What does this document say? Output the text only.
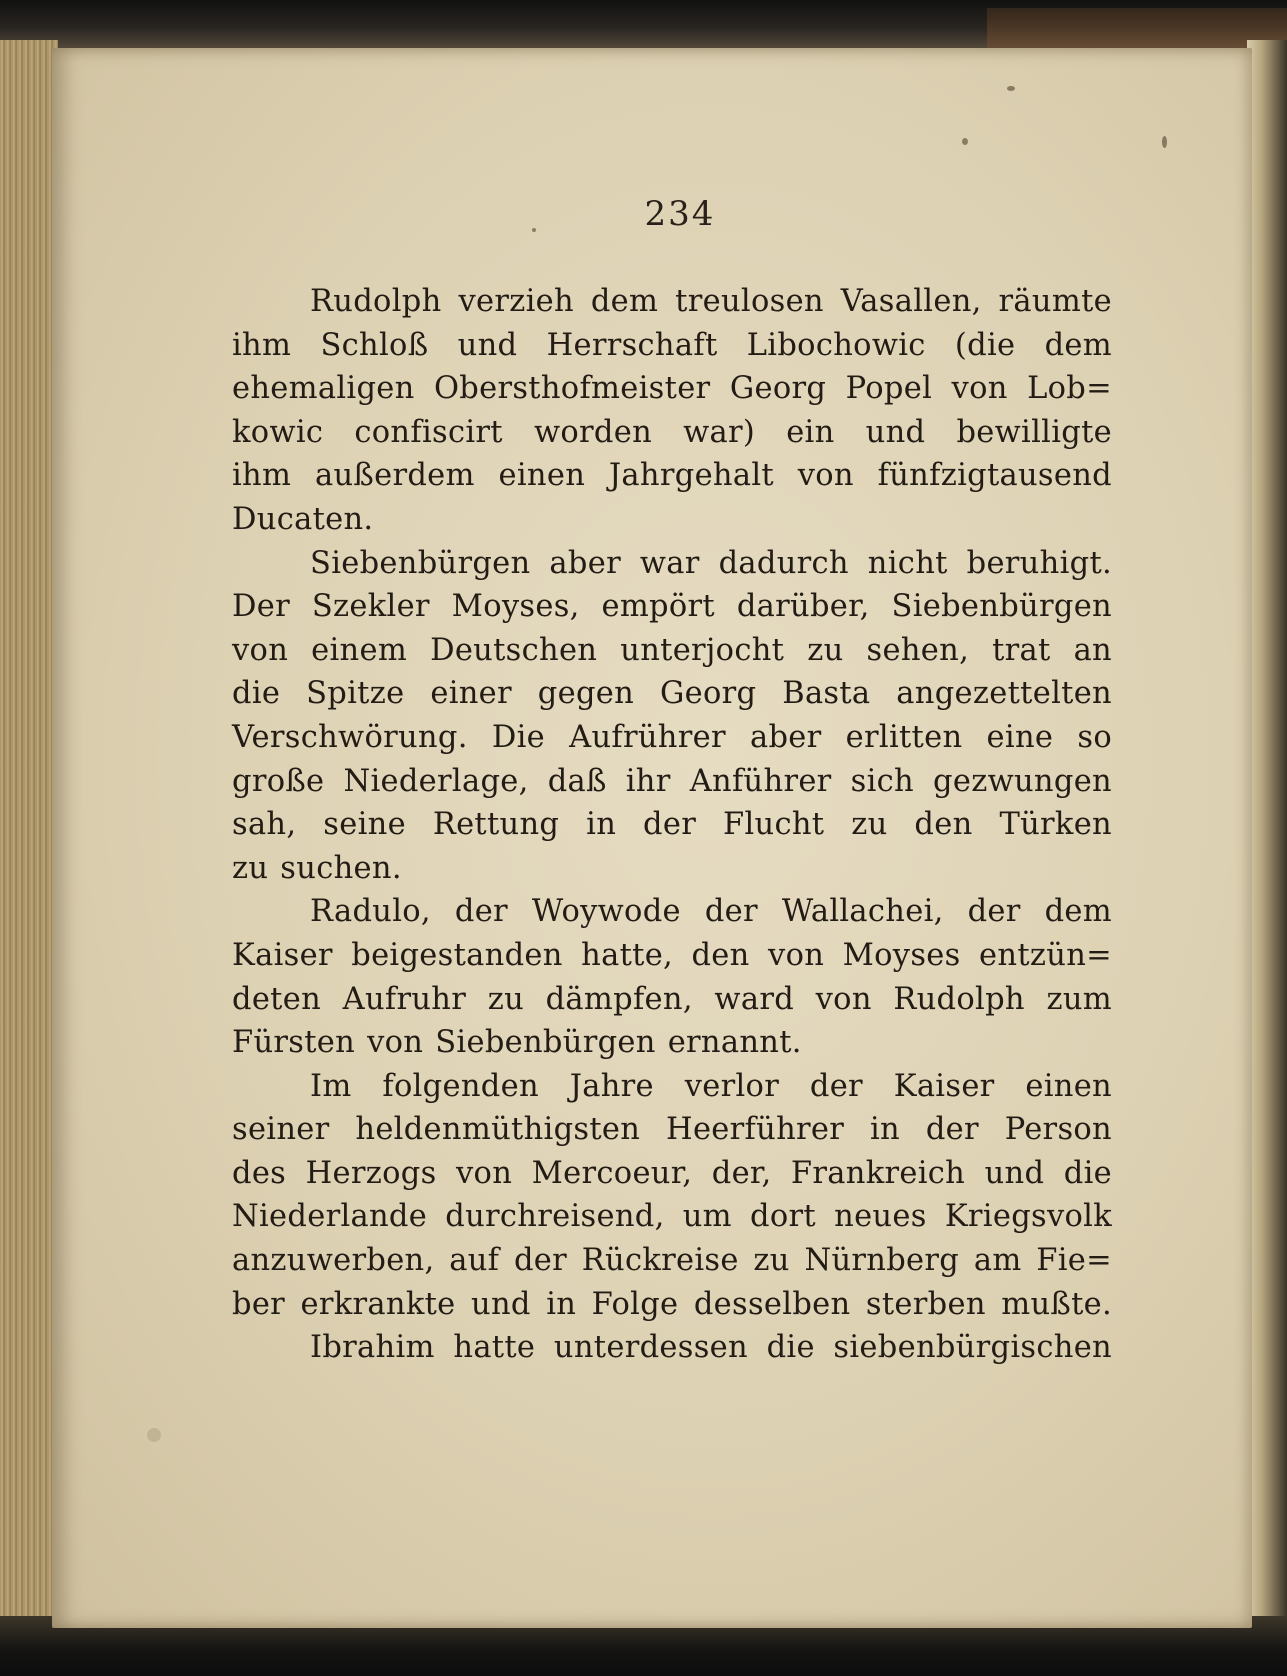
234
Rudolph verzieh dem treulosen Vasallen, räumte
ihm Schloß und Herrschaft Libochowic (die dem
ehemaligen Obersthofmeister Georg Popel von Lob=
kowic confiscirt worden war) ein und bewilligte
ihm außerdem einen Jahrgehalt von fünfzigtausend
Ducaten.
Siebenbürgen aber war dadurch nicht beruhigt.
Der Szekler Moyses, empört darüber, Siebenbürgen
von einem Deutschen unterjocht zu sehen, trat an
die Spitze einer gegen Georg Basta angezettelten
Verschwörung. Die Aufrührer aber erlitten eine so
große Niederlage, daß ihr Anführer sich gezwungen
sah, seine Rettung in der Flucht zu den Türken
zu suchen.
Radulo, der Woywode der Wallachei, der dem
Kaiser beigestanden hatte, den von Moyses entzün=
deten Aufruhr zu dämpfen, ward von Rudolph zum
Fürsten von Siebenbürgen ernannt.
Im folgenden Jahre verlor der Kaiser einen
seiner heldenmüthigsten Heerführer in der Person
des Herzogs von Mercoeur, der, Frankreich und die
Niederlande durchreisend, um dort neues Kriegsvolk
anzuwerben, auf der Rückreise zu Nürnberg am Fie=
ber erkrankte und in Folge desselben sterben mußte.
Ibrahim hatte unterdessen die siebenbürgischen
